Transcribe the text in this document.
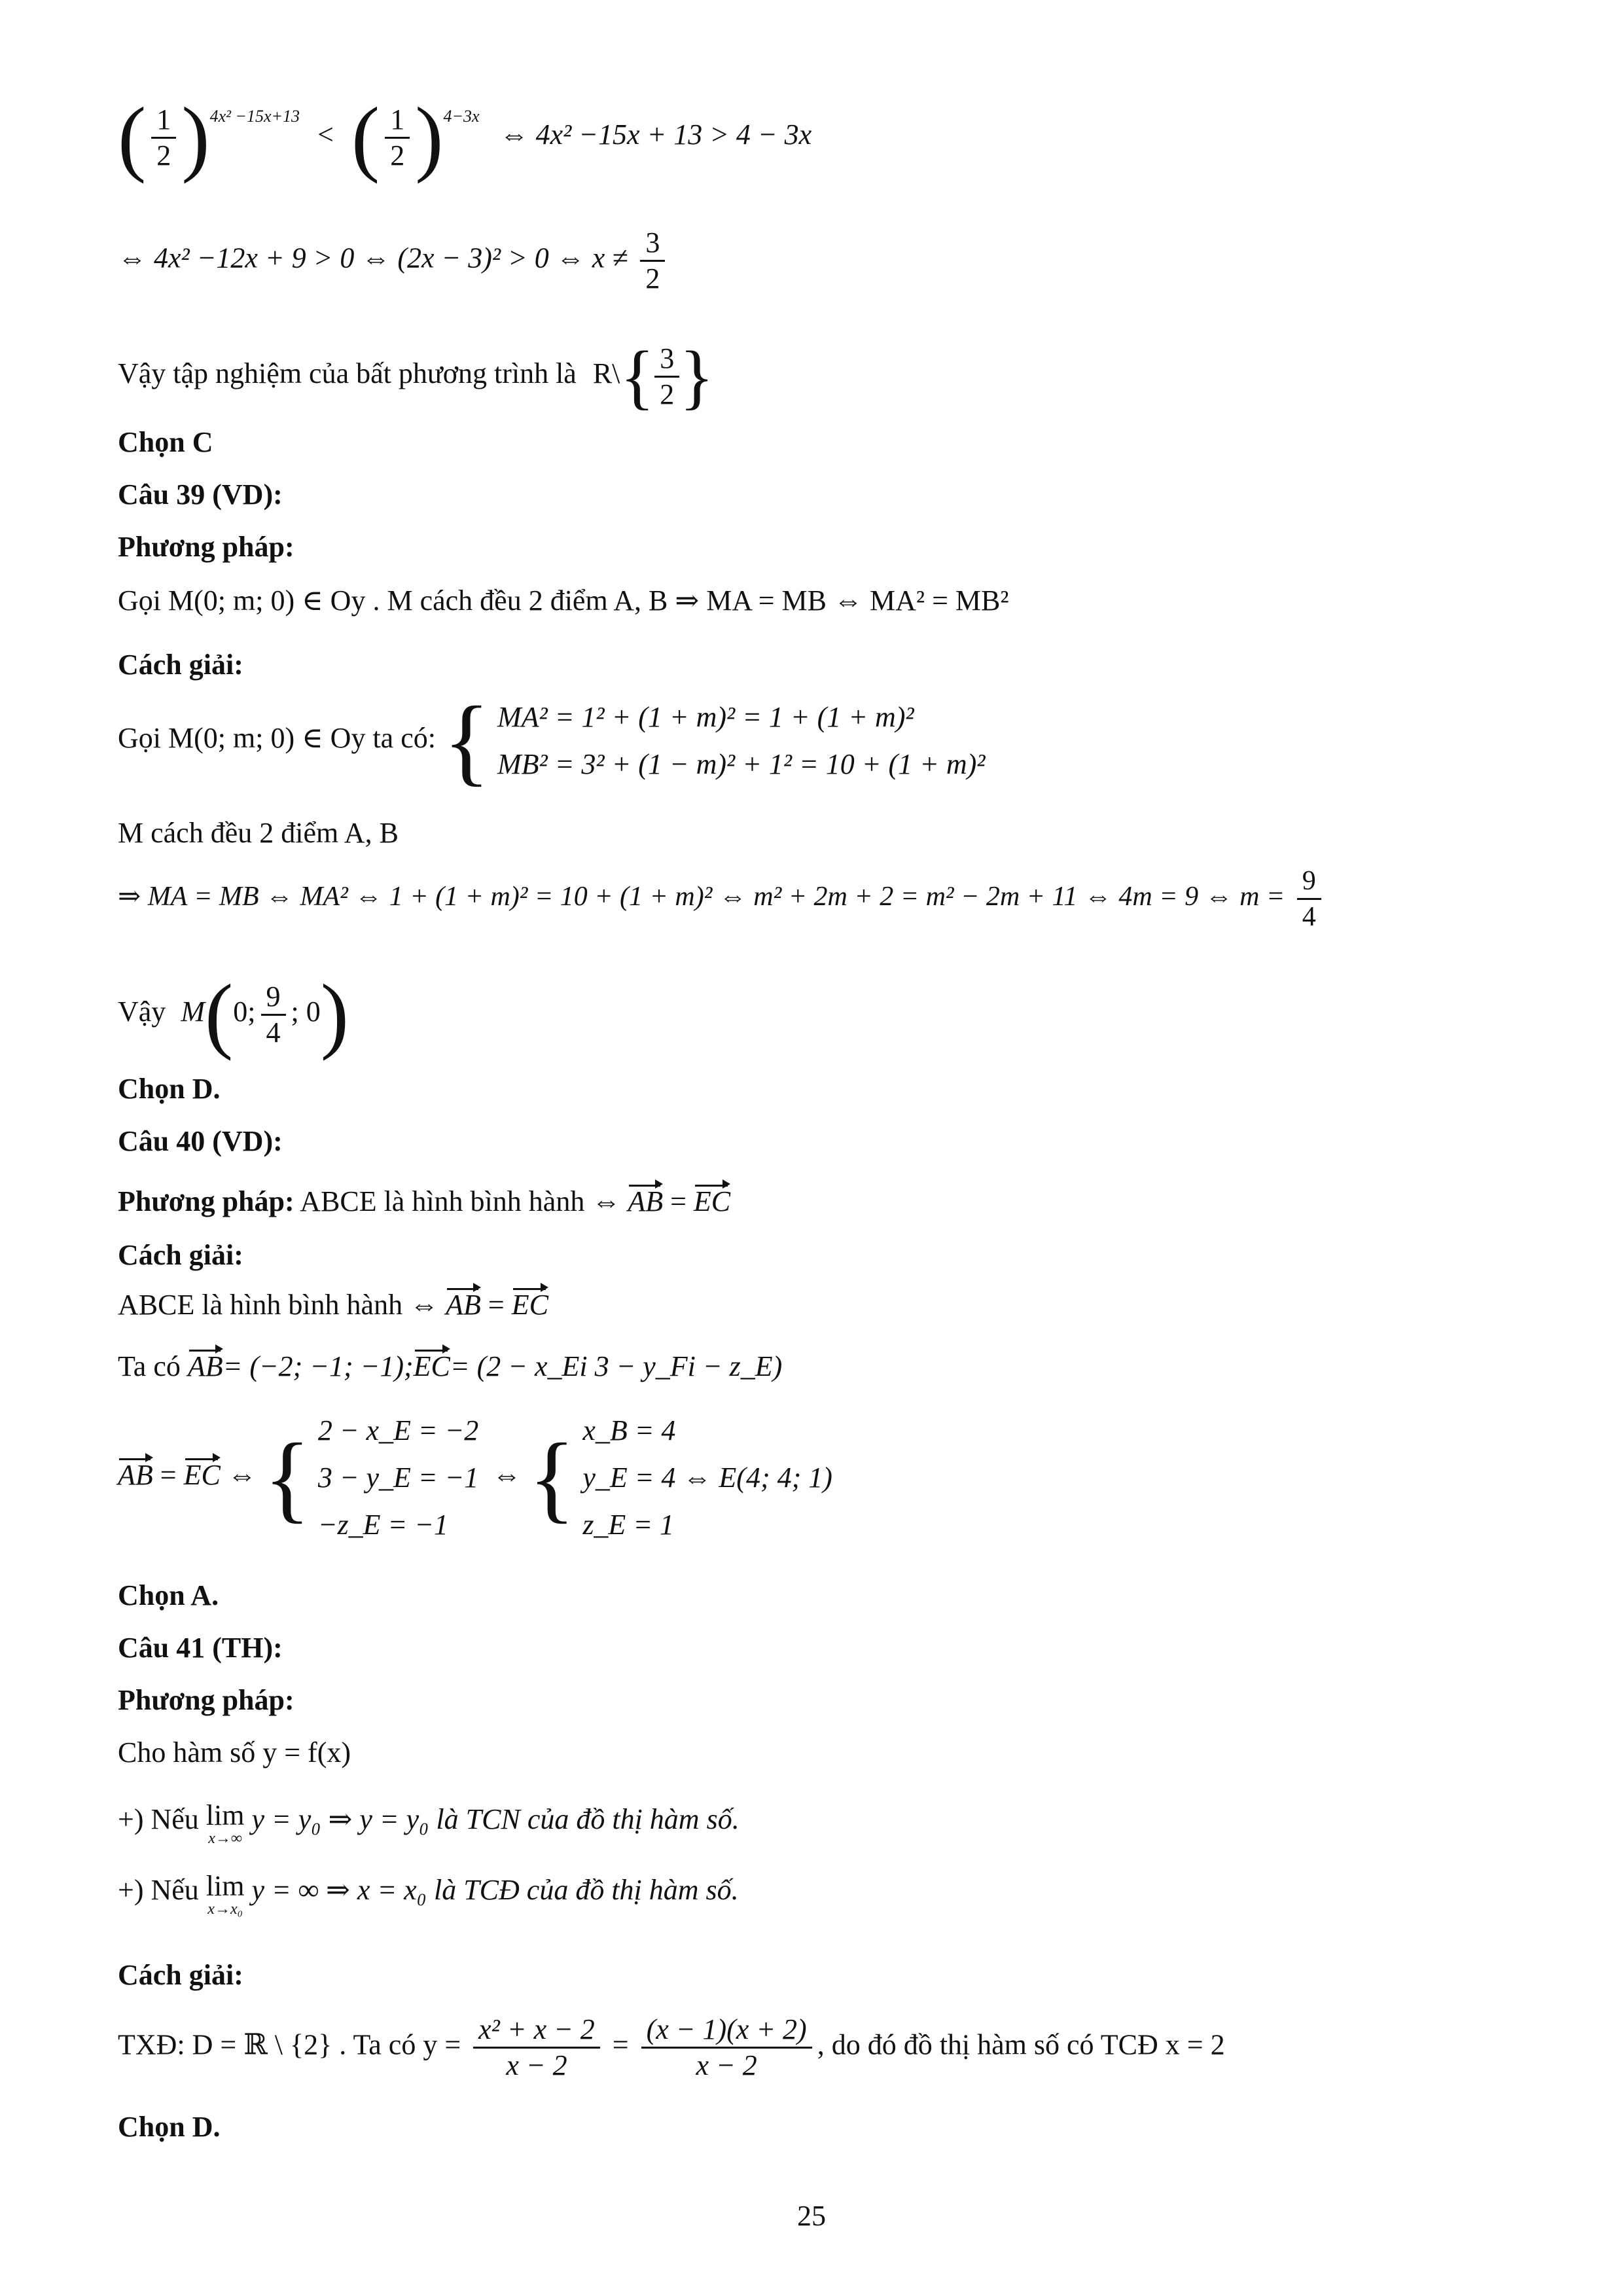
( $\frac{1}{2} )^{4x^2 -15x+13}$ < ( $\frac{1}{2} )^{4-3x}$ ⇔ 4x² −15x + 13 > 4 − 3x
⇔ 4x² −12x + 9 > 0 ⇔ (2x − 3)² > 0 ⇔ $x \ne \frac{3}{2}$
Vậy tập nghiệm của bất phương trình là R\{ $\frac{3}{2}$ }
Chọn C
Câu 39 (VD):
Phương pháp:
Gọi M(0; m; 0) ∈ Oy . M cách đều 2 điểm A, B ⇒ MA = MB ⇔ MA² = MB²
Cách giải:
Gọi M(0; m; 0) ∈ Oy ta có: { MA² = 1² + (1 + m)² = 1 + (1 + m)²
MB² = 3² + (1 − m)² + 1² = 10 + (1 + m)²
M cách đều 2 điểm A, B
⇒ MA = MB ⇔ MA² ⇔ 1 + (1 + m)² = 10 + (1 + m)² ⇔ m² + 2m + 2 = m² − 2m + 11 ⇔ 4m = 9 ⇔ $m = \frac{9}{4}$
Vậy M(0; $\frac{9}{4}$ ; 0)
Chọn D.
Câu 40 (VD):
Phương pháp: ABCE là hình bình hành ⇔ AB = EC
Cách giải:
ABCE là hình bình hành ⇔ AB = EC
Ta có AB= (−2; −1; −1);EC= (2 − x_Ei 3 − y_Fi − z_E)
AB = EC ⇔ { 2 − x_E = −2
3 − y_E = −1
−z_E = −1
⇔ { x_B = 4
y_E = 4 ⇔ E(4; 4; 1)
z_E = 1
Chọn A.
Câu 41 (TH):
Phương pháp:
Cho hàm số y = f(x)
+) Nếu lim
x→∞
y = y₀ ⇒ y = y₀ là TCN của đồ thị hàm số.
+) Nếu lim
x→x₀
y = ∞ ⇒ x = x₀ là TCĐ của đồ thị hàm số.
Cách giải:
TXĐ: D = ℝ \ {2} . Ta có $y = \frac{\text{x² + x − 2}}{x - 2} = \frac{(x - 1)(x + 2)}{x - 2}$ , do đó đồ thị hàm số có TCĐ x = 2
Chọn D.
25
